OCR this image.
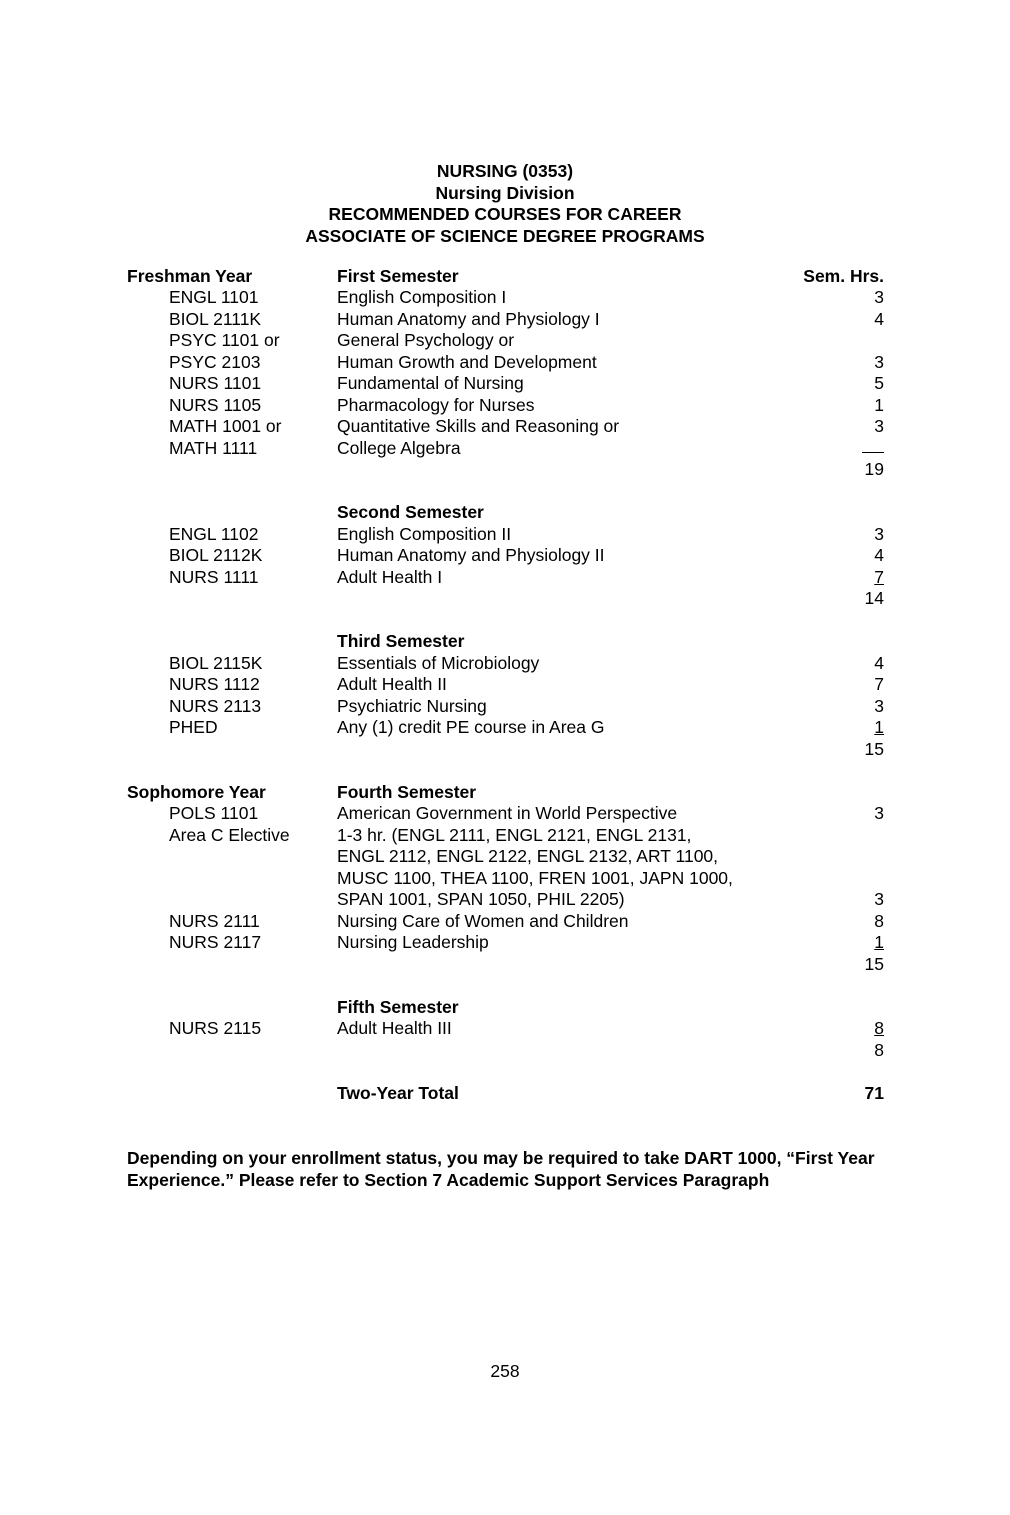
NURSING (0353)
Nursing Division
RECOMMENDED COURSES FOR CAREER
ASSOCIATE OF SCIENCE DEGREE PROGRAMS
Freshman Year	First Semester	Sem. Hrs.
ENGL 1101	English Composition I	3
BIOL 2111K	Human Anatomy and Physiology I	4
PSYC 1101 or	General Psychology or
PSYC 2103	Human Growth and Development	3
NURS 1101	Fundamental of Nursing	5
NURS 1105	Pharmacology for Nurses	1
MATH 1001 or	Quantitative Skills and Reasoning or	3
MATH 1111	College Algebra
19
Second Semester
ENGL 1102	English Composition II	3
BIOL 2112K	Human Anatomy and Physiology II	4
NURS 1111	Adult Health I	7
14
Third Semester
BIOL 2115K	Essentials of Microbiology	4
NURS 1112	Adult Health II	7
NURS 2113	Psychiatric Nursing	3
PHED	Any (1) credit PE course in Area G	1
15
Sophomore Year	Fourth Semester
POLS 1101	American Government in World Perspective	3
Area C Elective	1-3 hr. (ENGL 2111, ENGL 2121, ENGL 2131,
ENGL 2112, ENGL 2122, ENGL 2132, ART 1100,
MUSC 1100, THEA 1100, FREN 1001, JAPN 1000,
SPAN 1001, SPAN 1050, PHIL 2205)	3
NURS 2111	Nursing Care of Women and Children	8
NURS 2117	Nursing Leadership	1
15
Fifth Semester
NURS 2115	Adult Health III	8
8
Two-Year Total	71
Depending on your enrollment status, you may be required to take DART 1000, “First Year Experience.” Please refer to Section 7 Academic Support Services Paragraph
258
